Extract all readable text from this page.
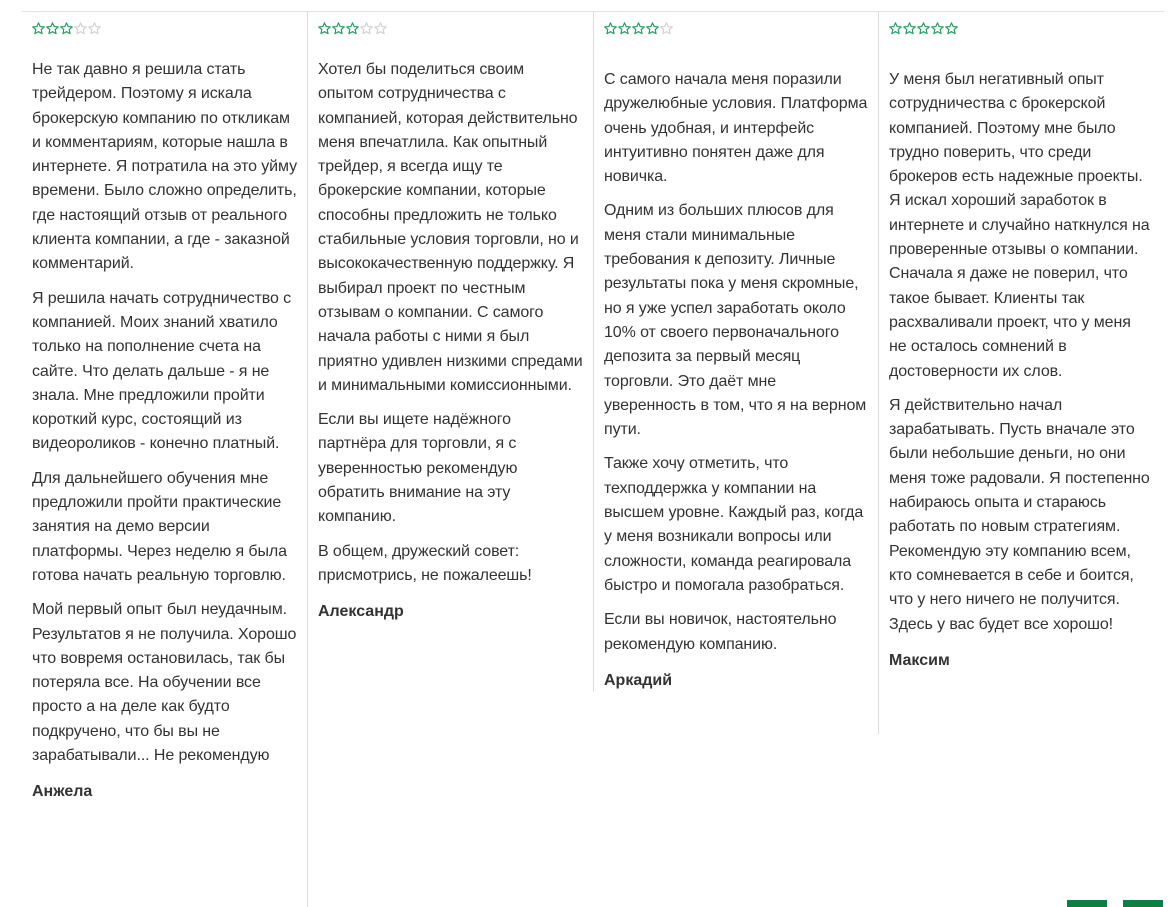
Не так давно я решила стать трейдером. Поэтому я искала брокерскую компанию по откликам и комментариям, которые нашла в интернете. Я потратила на это уйму времени. Было сложно определить, где настоящий отзыв от реального клиента компании, а где - заказной комментарий.

Я решила начать сотрудничество с компанией. Моих знаний хватило только на пополнение счета на сайте. Что делать дальше - я не знала. Мне предложили пройти короткий курс, состоящий из видеороликов - конечно платный.

Для дальнейшего обучения мне предложили пройти практические занятия на демо версии платформы. Через неделю я была готова начать реальную торговлю.

Мой первый опыт был неудачным. Результатов я не получила. Хорошо что вовремя остановилась, так бы потеряла все. На обучении все просто а на деле как будто подкручено, что бы вы не зарабатывали... Не рекомендую

Анжела

Хотел бы поделиться своим опытом сотрудничества с компанией, которая действительно меня впечатлила. Как опытный трейдер, я всегда ищу те брокерские компании, которые способны предложить не только стабильные условия торговли, но и высококачественную поддержку. Я выбирал проект по честным отзывам о компании. С самого начала работы с ними я был приятно удивлен низкими спредами и минимальными комиссионными.

Если вы ищете надёжного партнёра для торговли, я с уверенностью рекомендую обратить внимание на эту компанию.

В общем, дружеский совет: присмотрись, не пожалеешь!

Александр

С самого начала меня поразили дружелюбные условия. Платформа очень удобная, и интерфейс интуитивно понятен даже для новичка.

Одним из больших плюсов для меня стали минимальные требования к депозиту. Личные результаты пока у меня скромные, но я уже успел заработать около 10% от своего первоначального депозита за первый месяц торговли. Это даёт мне уверенность в том, что я на верном пути.

Также хочу отметить, что техподдержка у компании на высшем уровне. Каждый раз, когда у меня возникали вопросы или сложности, команда реагировала быстро и помогала разобраться.

Если вы новичок, настоятельно рекомендую компанию.

Аркадий

У меня был негативный опыт сотрудничества с брокерской компанией. Поэтому мне было трудно поверить, что среди брокеров есть надежные проекты. Я искал хороший заработок в интернете и случайно наткнулся на проверенные отзывы о компании. Сначала я даже не поверил, что такое бывает. Клиенты так расхваливали проект, что у меня не осталось сомнений в достоверности их слов.

Я действительно начал зарабатывать. Пусть вначале это были небольшие деньги, но они меня тоже радовали. Я постепенно набираюсь опыта и стараюсь работать по новым стратегиям. Рекомендую эту компанию всем, кто сомневается в себе и боится, что у него ничего не получится. Здесь у вас будет все хорошо!

Максим
